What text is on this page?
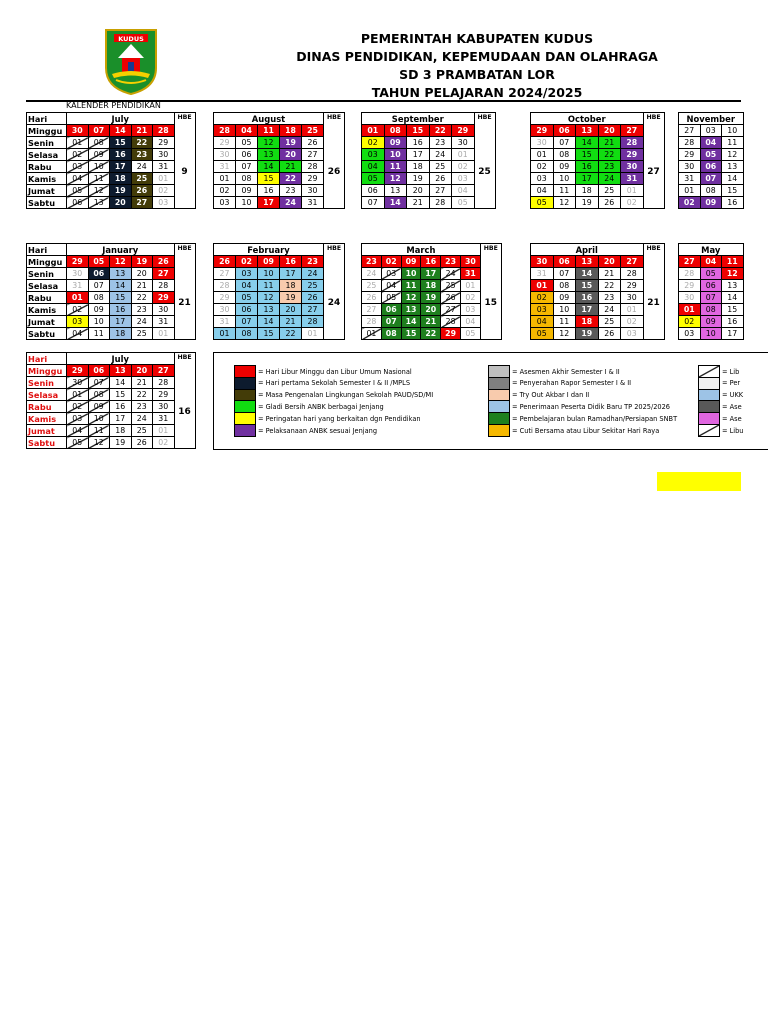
KUDUS	PEMERINTAH KABUPATEN KUDUS
DINAS PENDIDIKAN, KEPEMUDAAN DAN OLAHRAGA
SD 3 PRAMBATAN LOR
TAHUN PELAJARAN 2024/2025
KALENDER PENDIDIKAN
Hari	July					HBE
Minggu	30	07	14	21	28	
Senin	01	08	15	22	29	9
Selasa	02	09	16	23	30	
Rabu	03	10	17	24	31	
Kamis	04	11	18	25	01	
Jumat	05	12	19	26	02	
Sabtu	06	13	20	27	03	
August					HBE
28	04	11	18	25	
29	05	12	19	26	26
30	06	13	20	27	
31	07	14	21	28	
01	08	15	22	29	
02	09	16	23	30	
03	10	17	24	31	
September					HBE
01	08	15	22	29	
02	09	16	23	30	25
03	10	17	24	01	
04	11	18	25	02	
05	12	19	26	03	
06	13	20	27	04	
07	14	21	28	05	
October					HBE
29	06	13	20	27	
30	07	14	21	28	27
01	08	15	22	29	
02	09	16	23	30	
03	10	17	24	31	
04	11	18	25	01	
05	12	19	26	02	
November		
27	03	10
28	04	11
29	05	12
30	06	13
31	07	14
01	08	15
02	09	16
Hari	January					HBE
Minggu	29	05	12	19	26	
Senin	30	06	13	20	27	21
Selasa	31	07	14	21	28	
Rabu	01	08	15	22	29	
Kamis	02	09	16	23	30	
Jumat	03	10	17	24	31	
Sabtu	04	11	18	25	01	
February					HBE
26	02	09	16	23	
27	03	10	17	24	24
28	04	11	18	25	
29	05	12	19	26	
30	06	13	20	27	
31	07	14	21	28	
01	08	15	22	01	
March						HBE
23	02	09	16	23	30	
24	03	10	17	24	31	15
25	04	11	18	25	01	
26	05	12	19	26	02	
27	06	13	20	27	03	
28	07	14	21	28	04	
01	08	15	22	29	05	
April					HBE
30	06	13	20	27	
31	07	14	21	28	21
01	08	15	22	29	
02	09	16	23	30	
03	10	17	24	01	
04	11	18	25	02	
05	12	19	26	03	
May		
27	04	11
28	05	12
29	06	13
30	07	14
01	08	15
02	09	16
03	10	17
Hari	July					HBE
Minggu	29	06	13	20	27	
Senin	30	07	14	21	28	16
Selasa	01	08	15	22	29	
Rabu	02	09	16	23	30	
Kamis	03	10	17	24	31	
Jumat	04	11	18	25	01	
Sabtu	05	12	19	26	02	
= Hari Libur Minggu dan Libur Umum Nasional
= Hari pertama Sekolah Semester I & II /MPLS
= Masa Pengenalan Lingkungan Sekolah PAUD/SD/MI
= Gladi Bersih ANBK berbagai Jenjang
= Peringatan hari yang berkaitan dgn Pendidikan
= Pelaksanaan ANBK sesuai Jenjang
= Asesmen Akhir Semester I & II
= Penyerahan Rapor Semester I & II
= Try Out Akbar I dan II
= Penerimaan Peserta Didik Baru TP 2025/2026
= Pembelajaran bulan Ramadhan/Persiapan SNBT
= Cuti Bersama atau Libur Sekitar Hari Raya
= Lib
= Per
= UKK
= Ase
= Ase
= Libu
